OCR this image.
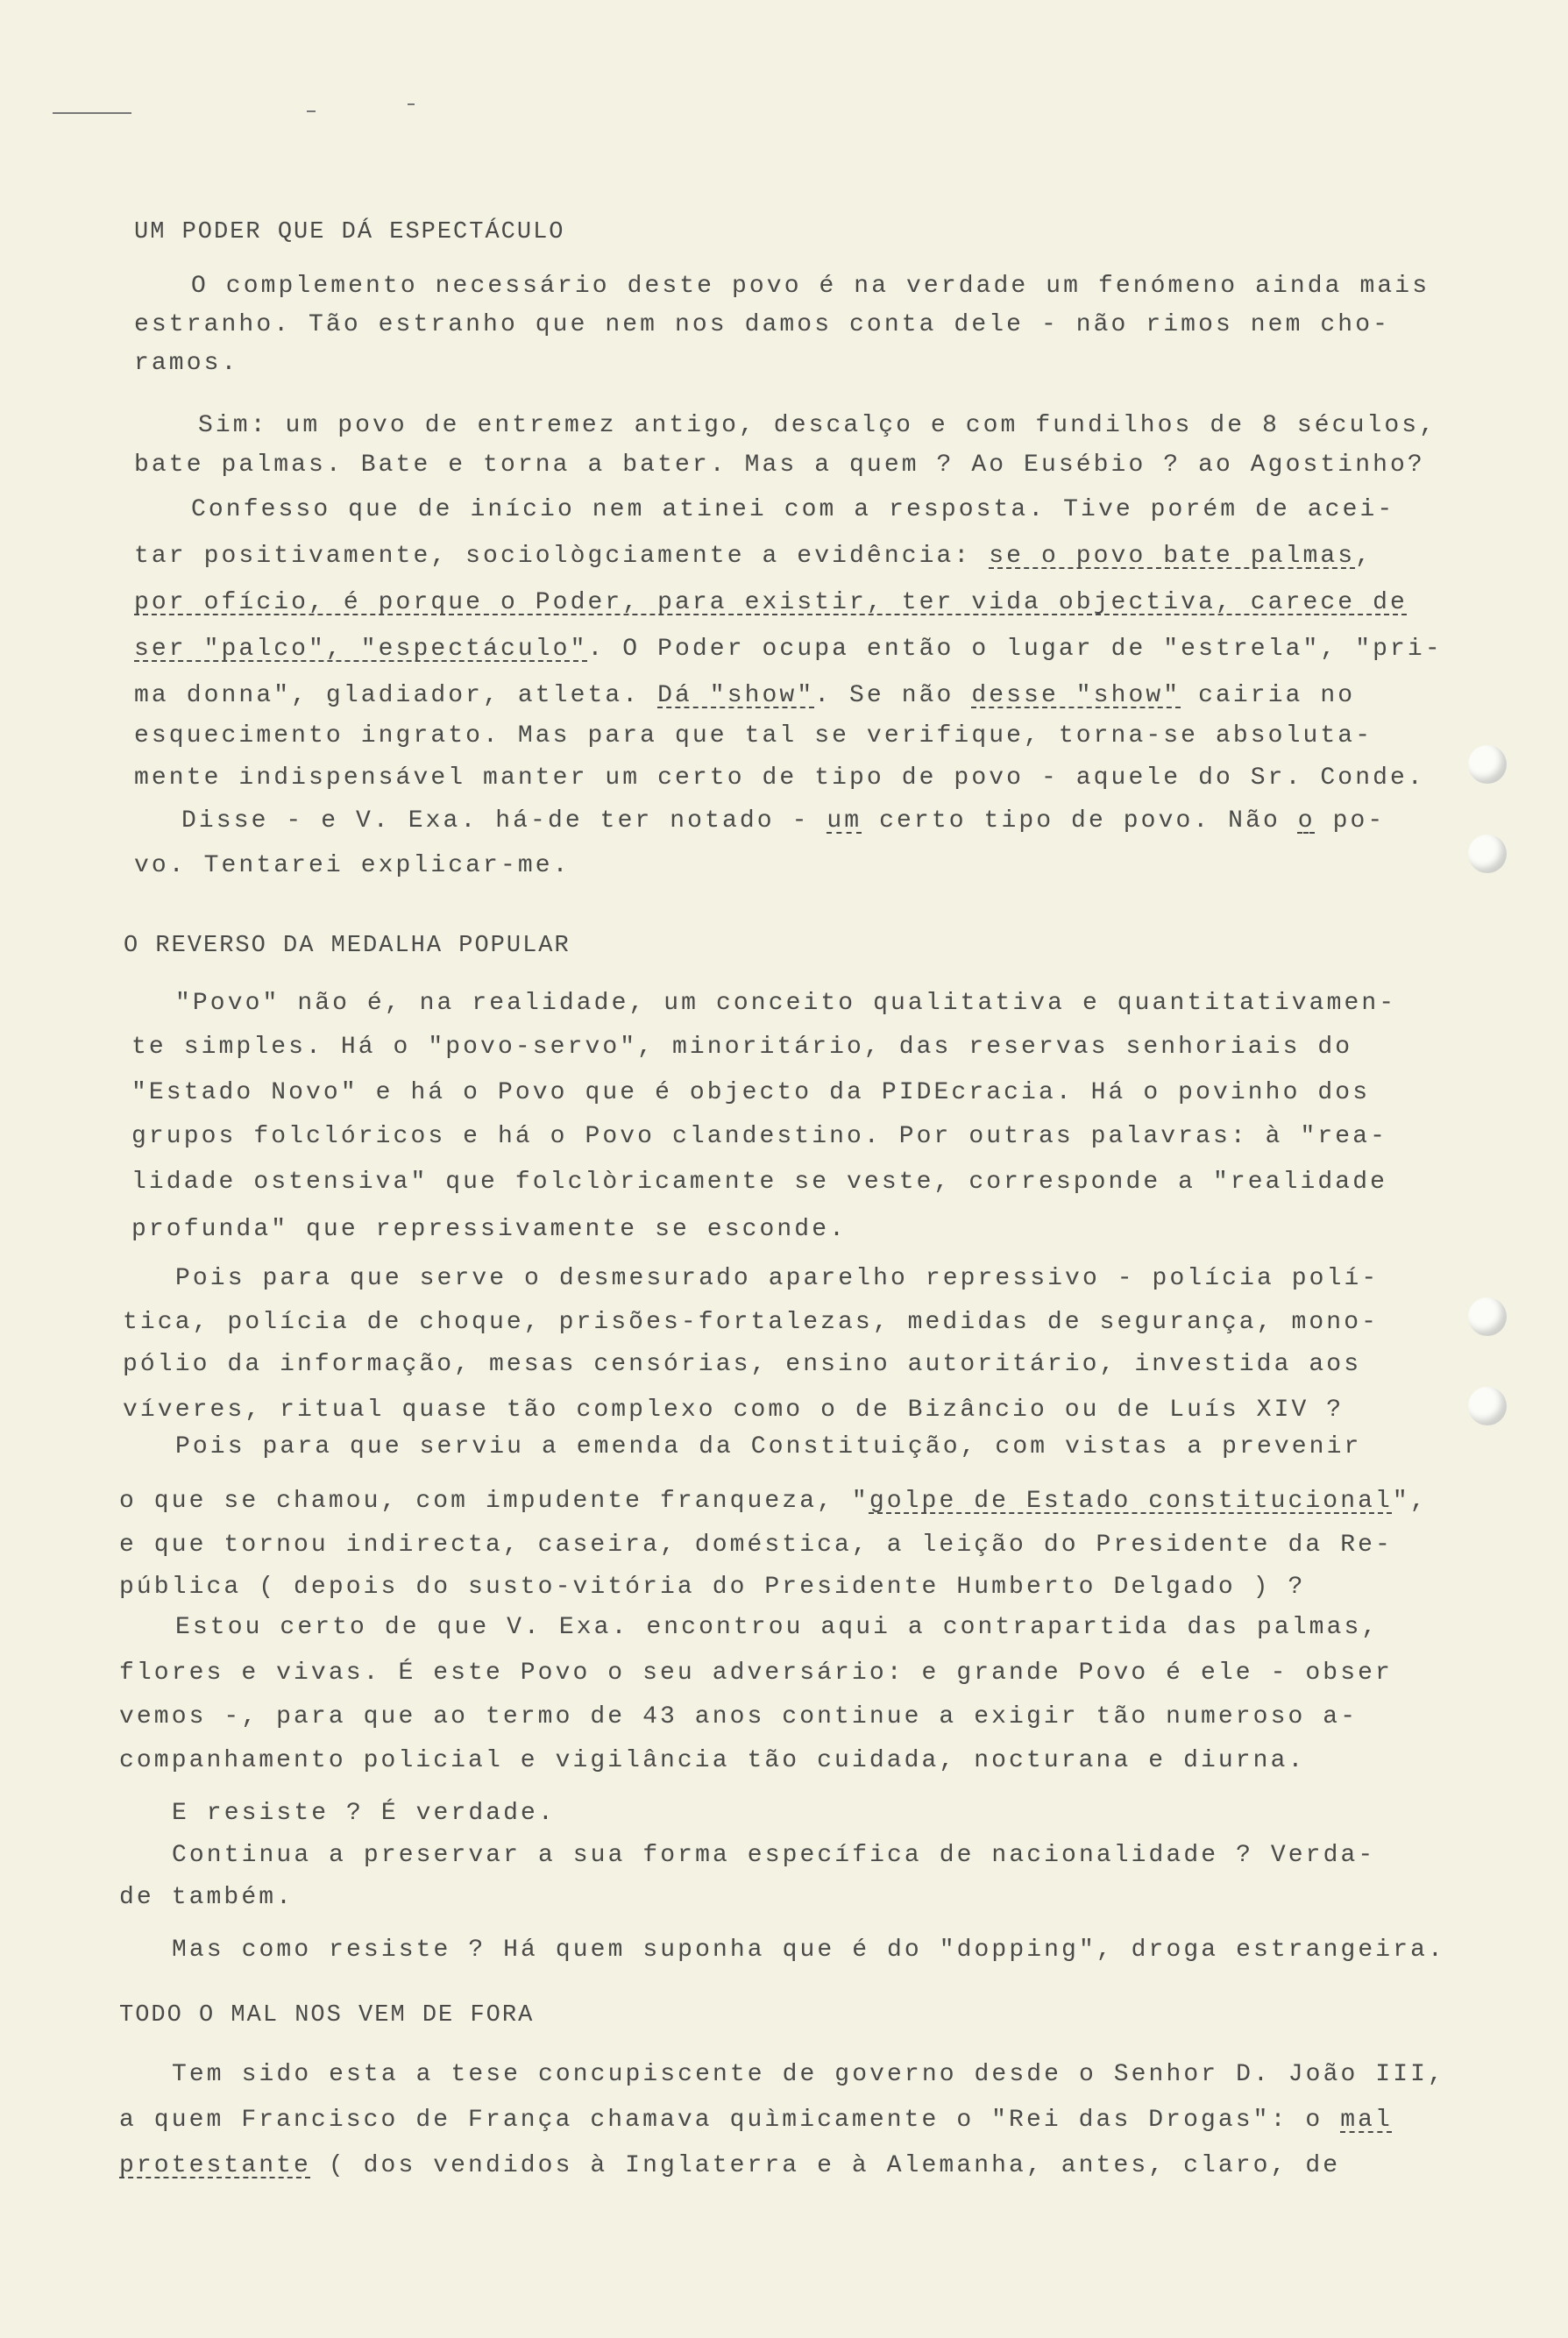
UM PODER QUE DÁ ESPECTÁCULO
O complemento necessário deste povo é na verdade um fenómeno ainda mais
estranho. Tão estranho que nem nos damos conta dele - não rimos nem cho-
ramos.
Sim: um povo de entremez antigo, descalço e com fundilhos de 8 séculos,
bate palmas. Bate e torna a bater. Mas a quem ? Ao Eusébio ? ao Agostinho?
Confesso que de início nem atinei com a resposta. Tive porém de acei-
tar positivamente, sociològciamente a evidência: se o povo bate palmas,
por ofício, é porque o Poder, para existir, ter vida objectiva, carece de
ser "palco", "espectáculo". O Poder ocupa então o lugar de "estrela", "pri-
ma donna", gladiador, atleta. Dá "show". Se não desse "show" cairia no
esquecimento ingrato. Mas para que tal se verifique, torna-se absoluta-
mente indispensável manter um certo de tipo de povo - aquele do Sr. Conde.
Disse - e V. Exa. há-de ter notado - um certo tipo de povo. Não o po-
vo. Tentarei explicar-me.
O REVERSO DA MEDALHA POPULAR
"Povo" não é, na realidade, um conceito qualitativa e quantitativamen-
te simples. Há o "povo-servo", minoritário, das reservas senhoriais do
"Estado Novo" e há o Povo que é objecto da PIDEcracia. Há o povinho dos
grupos folclóricos e há o Povo clandestino. Por outras palavras: à "rea-
lidade ostensiva" que folclòricamente se veste, corresponde a "realidade
profunda" que repressivamente se esconde.
Pois para que serve o desmesurado aparelho repressivo - polícia polí-
tica, polícia de choque, prisões-fortalezas, medidas de segurança, mono-
pólio da informação, mesas censórias, ensino autoritário, investida aos
víveres, ritual quase tão complexo como o de Bizâncio ou de Luís XIV ?
Pois para que serviu a emenda da Constituição, com vistas a prevenir
o que se chamou, com impudente franqueza, "golpe de Estado constitucional",
e que tornou indirecta, caseira, doméstica, a leição do Presidente da Re-
pública ( depois do susto-vitória do Presidente Humberto Delgado ) ?
Estou certo de que V. Exa. encontrou aqui a contrapartida das palmas,
flores e vivas. É este Povo o seu adversário: e grande Povo é ele - obser
vemos -, para que ao termo de 43 anos continue a exigir tão numeroso a-
companhamento policial e vigilância tão cuidada, nocturana e diurna.
E resiste ? É verdade.
Continua a preservar a sua forma específica de nacionalidade ? Verda-
de também.
Mas como resiste ? Há quem suponha que é do "dopping", droga estrangeira.
TODO O MAL NOS VEM DE FORA
Tem sido esta a tese concupiscente de governo desde o Senhor D. João III,
a quem Francisco de França chamava quìmicamente o "Rei das Drogas": o mal
protestante ( dos vendidos à Inglaterra e à Alemanha, antes, claro, de
